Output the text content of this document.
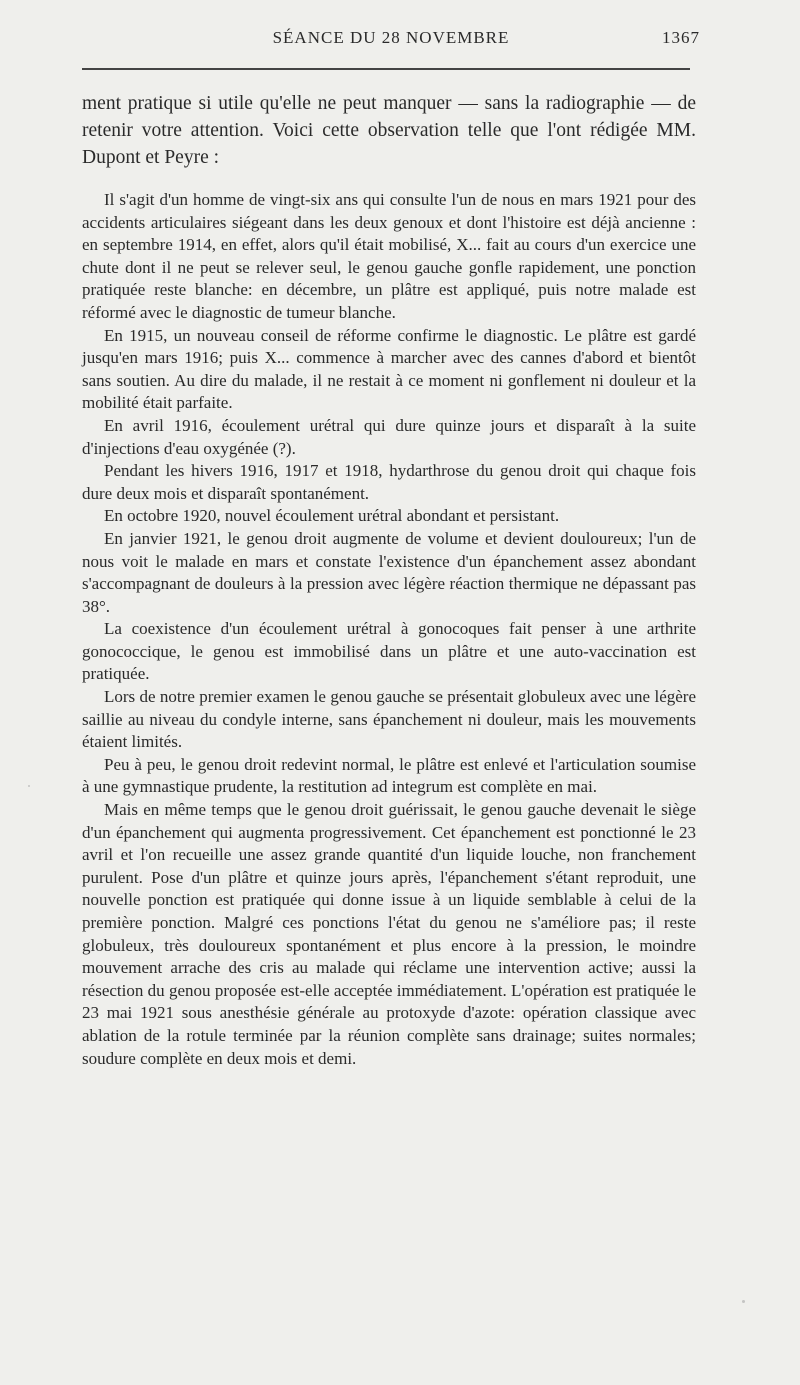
SÉANCE DU 28 NOVEMBRE	1367

ment pratique si utile qu'elle ne peut manquer — sans la radiographie — de retenir votre attention. Voici cette observation telle que l'ont rédigée MM. Dupont et Peyre :

Il s'agit d'un homme de vingt-six ans qui consulte l'un de nous en mars 1921 pour des accidents articulaires siégeant dans les deux genoux et dont l'histoire est déjà ancienne : en septembre 1914, en effet, alors qu'il était mobilisé, X... fait au cours d'un exercice une chute dont il ne peut se relever seul, le genou gauche gonfle rapidement, une ponction pratiquée reste blanche: en décembre, un plâtre est appliqué, puis notre malade est réformé avec le diagnostic de tumeur blanche.

En 1915, un nouveau conseil de réforme confirme le diagnostic. Le plâtre est gardé jusqu'en mars 1916; puis X... commence à marcher avec des cannes d'abord et bientôt sans soutien. Au dire du malade, il ne restait à ce moment ni gonflement ni douleur et la mobilité était parfaite.

En avril 1916, écoulement urétral qui dure quinze jours et disparaît à la suite d'injections d'eau oxygénée (?).

Pendant les hivers 1916, 1917 et 1918, hydarthrose du genou droit qui chaque fois dure deux mois et disparaît spontanément.

En octobre 1920, nouvel écoulement urétral abondant et persistant.

En janvier 1921, le genou droit augmente de volume et devient douloureux; l'un de nous voit le malade en mars et constate l'existence d'un épanchement assez abondant s'accompagnant de douleurs à la pression avec légère réaction thermique ne dépassant pas 38°.

La coexistence d'un écoulement urétral à gonocoques fait penser à une arthrite gonococcique, le genou est immobilisé dans un plâtre et une auto-vaccination est pratiquée.

Lors de notre premier examen le genou gauche se présentait globuleux avec une légère saillie au niveau du condyle interne, sans épanchement ni douleur, mais les mouvements étaient limités.

Peu à peu, le genou droit redevint normal, le plâtre est enlevé et l'articulation soumise à une gymnastique prudente, la restitution ad integrum est complète en mai.

Mais en même temps que le genou droit guérissait, le genou gauche devenait le siège d'un épanchement qui augmenta progressivement. Cet épanchement est ponctionné le 23 avril et l'on recueille une assez grande quantité d'un liquide louche, non franchement purulent. Pose d'un plâtre et quinze jours après, l'épanchement s'étant reproduit, une nouvelle ponction est pratiquée qui donne issue à un liquide semblable à celui de la première ponction. Malgré ces ponctions l'état du genou ne s'améliore pas; il reste globuleux, très douloureux spontanément et plus encore à la pression, le moindre mouvement arrache des cris au malade qui réclame une intervention active; aussi la résection du genou proposée est-elle acceptée immédiatement. L'opération est pratiquée le 23 mai 1921 sous anesthésie générale au protoxyde d'azote: opération classique avec ablation de la rotule terminée par la réunion complète sans drainage; suites normales; soudure complète en deux mois et demi.
